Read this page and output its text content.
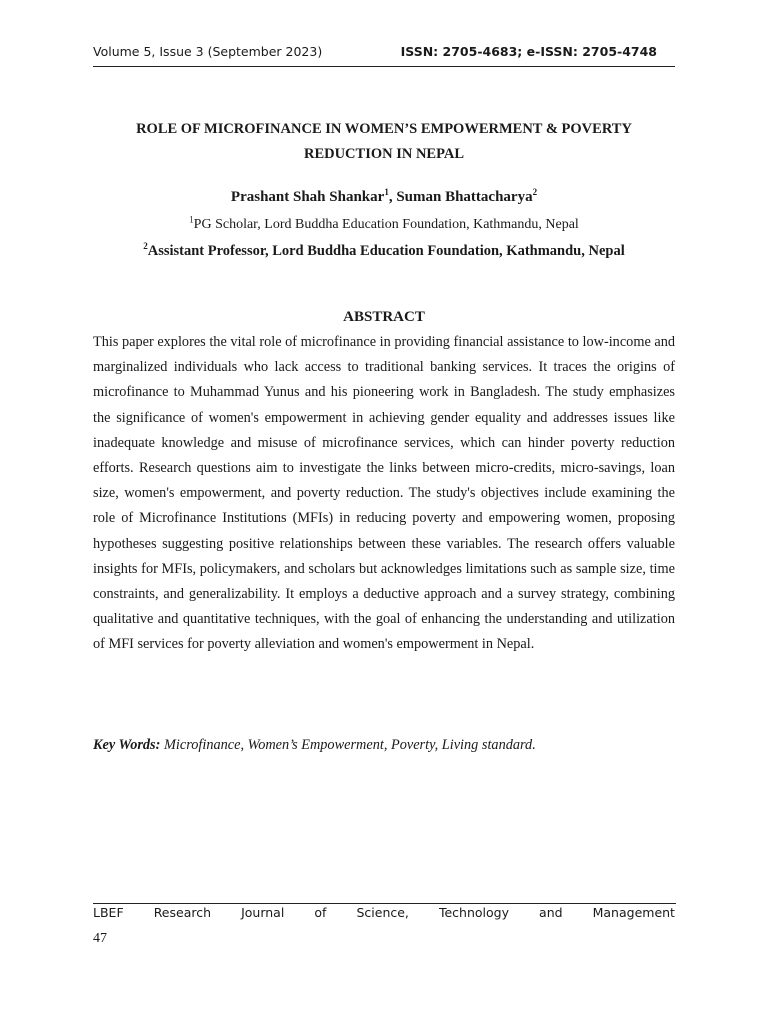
Volume 5, Issue 3 (September 2023)	ISSN: 2705-4683; e-ISSN: 2705-4748
ROLE OF MICROFINANCE IN WOMEN’S EMPOWERMENT & POVERTY
REDUCTION IN NEPAL
Prashant Shah Shankar$^1$, Suman Bhattacharya$^2$
$^1$PG Scholar, Lord Buddha Education Foundation, Kathmandu, Nepal
$^2$Assistant Professor, Lord Buddha Education Foundation, Kathmandu, Nepal
ABSTRACT

This paper explores the vital role of microfinance in providing financial assistance to low-income and marginalized individuals who lack access to traditional banking services. It traces the origins of microfinance to Muhammad Yunus and his pioneering work in Bangladesh. The study emphasizes the significance of women's empowerment in achieving gender equality and addresses issues like inadequate knowledge and misuse of microfinance services, which can hinder poverty reduction efforts. Research questions aim to investigate the links between micro-credits, micro-savings, loan size, women's empowerment, and poverty reduction. The study's objectives include examining the role of Microfinance Institutions (MFIs) in reducing poverty and empowering women, proposing hypotheses suggesting positive relationships between these variables. The research offers valuable insights for MFIs, policymakers, and scholars but acknowledges limitations such as sample size, time constraints, and generalizability. It employs a deductive approach and a survey strategy, combining qualitative and quantitative techniques, with the goal of enhancing the understanding and utilization of MFI services for poverty alleviation and women's empowerment in Nepal.

Key Words: Microfinance, Women’s Empowerment, Poverty, Living standard.
LBEF Research Journal of Science, Technology and Management
47
